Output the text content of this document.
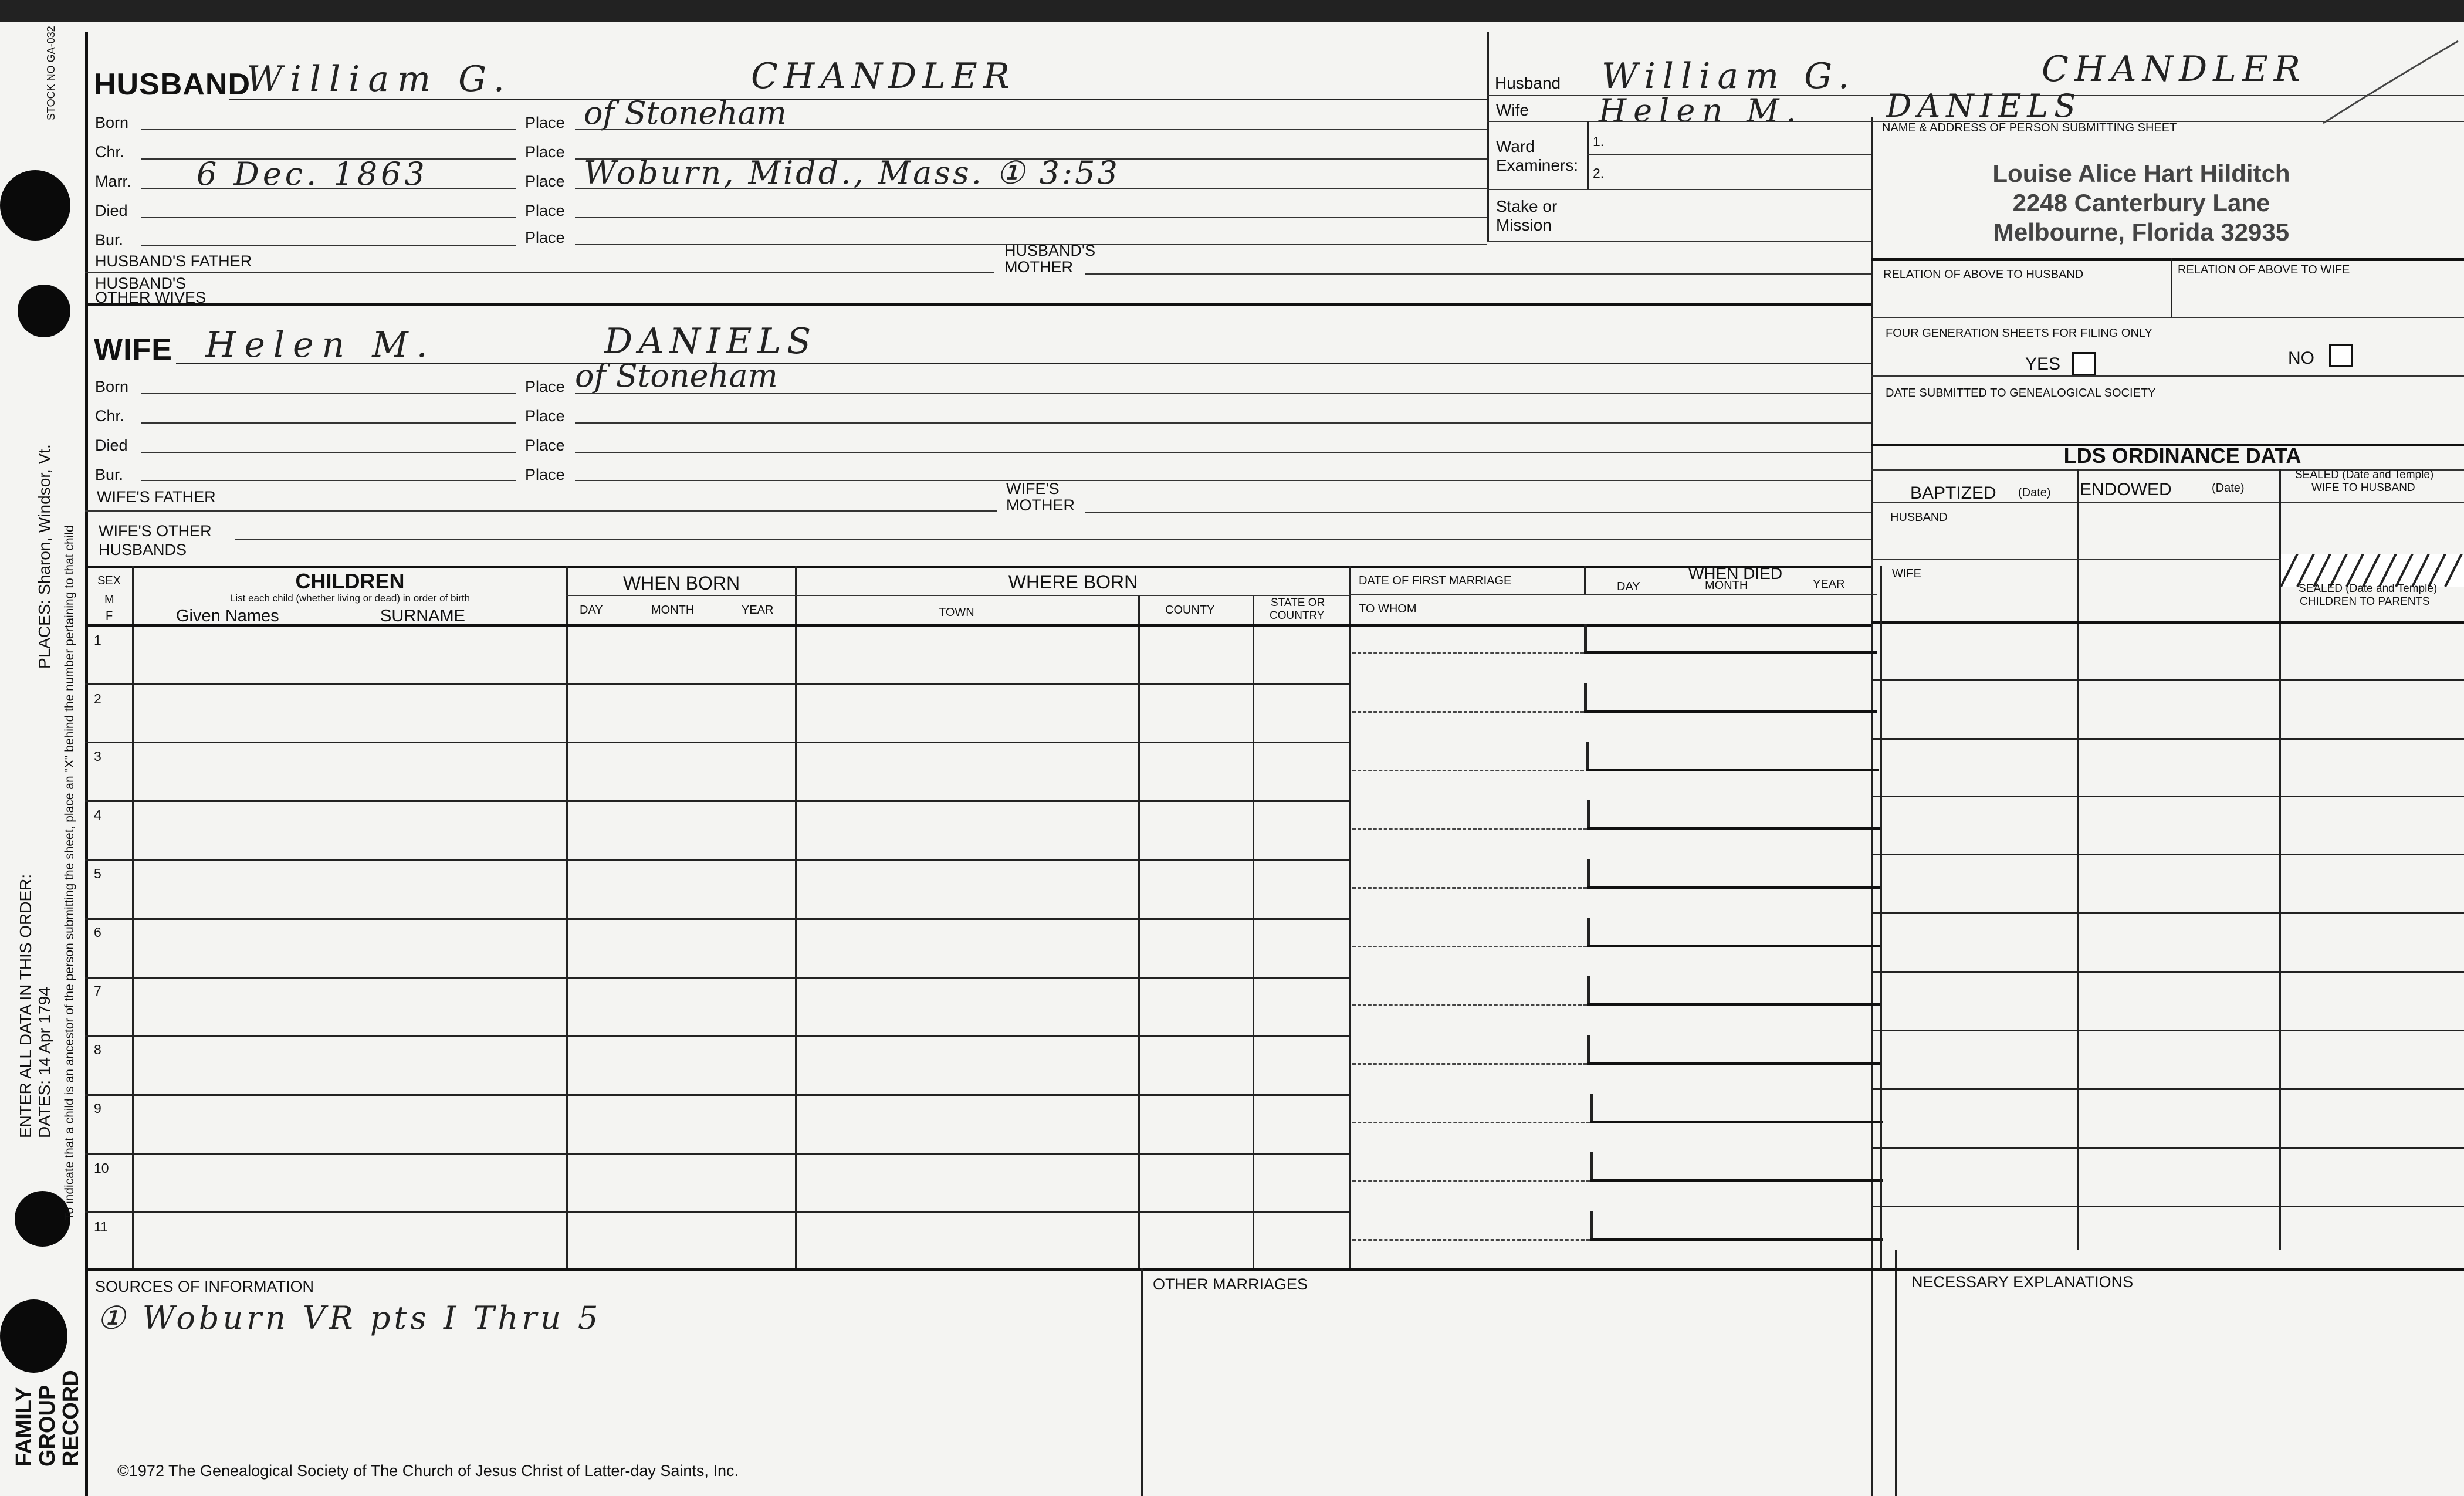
STOCK NO GA-032
PLACES: Sharon, Windsor, Vt.
ENTER ALL DATA IN THIS ORDER: DATES: 14 Apr 1794 To indicate that a child is an ancestor of the person submitting the sheet, place an "X" behind the number pertaining to that child
FAMILY
GROUP
RECORD
HUSBAND
William G.	CHANDLER
Born	Place of Stoneham
Chr.	Place
Marr. 6 Dec. 1863	Place Woburn, Midd., Mass. ① 3:53
Died	Place
Bur.	Place
HUSBAND'S FATHER
HUSBAND'S
MOTHER
HUSBAND'S
OTHER WIVES
WIFE Helen M.	DANIELS
Born	Place of Stoneham
Chr.	Place
Died	Place
Bur.	Place
WIFE'S FATHER	WIFE'S
MOTHER
WIFE'S OTHER
HUSBANDS
Husband William G.	CHANDLER
Wife Helen M.	DANIELS
Ward
Examiners:
1.
2.
Stake or
Mission
NAME & ADDRESS OF PERSON SUBMITTING SHEET
Louise Alice Hart Hilditch
2248 Canterbury Lane
Melbourne, Florida 32935
RELATION OF ABOVE TO HUSBAND	RELATION OF ABOVE TO WIFE
FOUR GENERATION SHEETS FOR FILING ONLY
YES	NO
DATE SUBMITTED TO GENEALOGICAL SOCIETY
LDS ORDINANCE DATA
BAPTIZED (Date) ENDOWED	(Date)
SEALED (Date and Temple)
WIFE TO HUSBAND
HUSBAND
WIFE
SEALED (Date and Temple)
CHILDREN TO PARENTS
SEX
M
F
CHILDREN
List each child (whether living or dead) in order of birth
Given Names	SURNAME
WHEN BORN
DAY	MONTH	YEAR
WHERE BORN
TOWN	COUNTY
STATE OR
COUNTRY
DATE OF FIRST MARRIAGE
TO WHOM
WHEN DIED
DAY	MONTH	YEAR
1
2
3
4
5
6
7
8
9
10
11
SOURCES OF INFORMATION
① Woburn VR pts I Thru 5
OTHER MARRIAGES	NECESSARY EXPLANATIONS
©1972 The Genealogical Society of The Church of Jesus Christ of Latter-day Saints, Inc.
